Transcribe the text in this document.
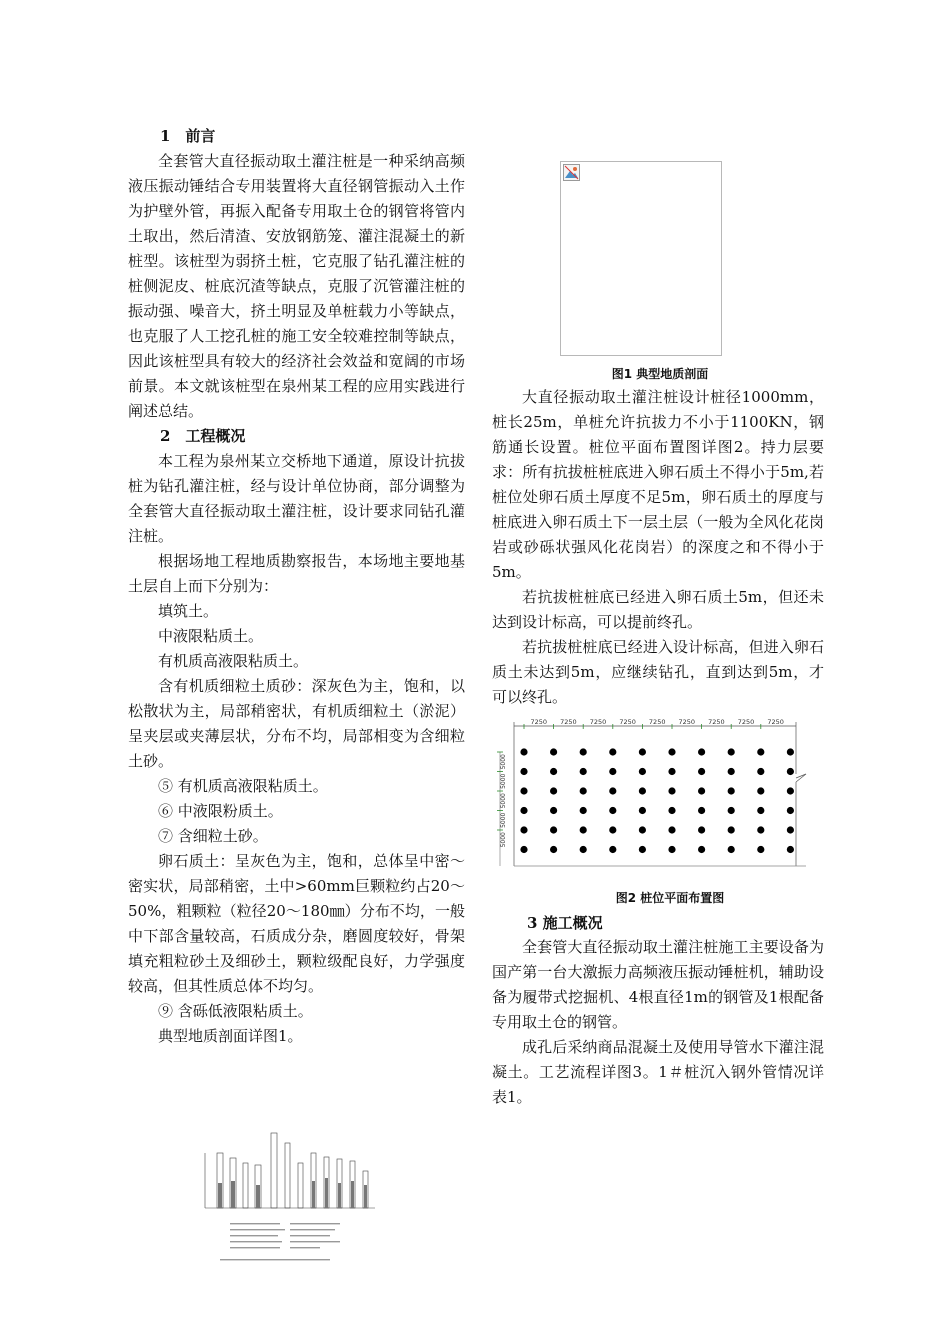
1　前言

全套管大直径振动取土灌注桩是一种采纳高频液压振动锤结合专用装置将大直径钢管振动入土作为护壁外管，再振入配备专用取土仓的钢管将管内土取出，然后清渣、安放钢筋笼、灌注混凝土的新桩型。该桩型为弱挤土桩，它克服了钻孔灌注桩的桩侧泥皮、桩底沉渣等缺点，克服了沉管灌注桩的振动强、噪音大，挤土明显及单桩载力小等缺点，也克服了人工挖孔桩的施工安全较难控制等缺点，因此该桩型具有较大的经济社会效益和宽阔的市场前景。本文就该桩型在泉州某工程的应用实践进行阐述总结。

2　工程概况

本工程为泉州某立交桥地下通道，原设计抗拔桩为钻孔灌注桩，经与设计单位协商，部分调整为全套管大直径振动取土灌注桩，设计要求同钻孔灌注桩。

根据场地工程地质勘察报告，本场地主要地基土层自上而下分别为：

填筑土。

中液限粘质土。

有机质高液限粘质土。

含有机质细粒土质砂：深灰色为主，饱和，以松散状为主，局部稍密状，有机质细粒土（淤泥）呈夹层或夹薄层状，分布不均，局部相变为含细粒土砂。

⑤ 有机质高液限粘质土。

⑥ 中液限粉质土。

⑦ 含细粒土砂。

卵石质土：呈灰色为主，饱和，总体呈中密～密实状，局部稍密，土中>60mm巨颗粒约占20～50%，粗颗粒（粒径20～180㎜）分布不均，一般中下部含量较高，石质成分杂，磨圆度较好，骨架填充粗粒砂土及细砂土，颗粒级配良好，力学强度较高，但其性质总体不均匀。

⑨ 含砾低液限粘质土。

典型地质剖面详图1。

图1 典型地质剖面

大直径振动取土灌注桩设计桩径1000mm，桩长25m，单桩允许抗拔力不小于1100KN，钢筋通长设置。桩位平面布置图详图2。持力层要求：所有抗拔桩桩底进入卵石质土不得小于5m,若桩位处卵石质土厚度不足5m，卵石质土的厚度与桩底进入卵石质土下一层土层（一般为全风化花岗岩或砂砾状强风化花岗岩）的深度之和不得小于5m。

若抗拔桩桩底已经进入卵石质土5m，但还未达到设计标高，可以提前终孔。

若抗拔桩桩底已经进入设计标高，但进入卵石质土未达到5m，应继续钻孔，直到达到5m，才可以终孔。

7250 7250 7250 7250 7250 7250 7250 7250 7250
5000
5000
5000
5000
5000
图2 桩位平面布置图
3 施工概况

全套管大直径振动取土灌注桩施工主要设备为国产第一台大激振力高频液压振动锤桩机，辅助设备为履带式挖掘机、4根直径1m的钢管及1根配备专用取土仓的钢管。

成孔后采纳商品混凝土及使用导管水下灌注混凝土。工艺流程详图3。1＃桩沉入钢外管情况详表1。
